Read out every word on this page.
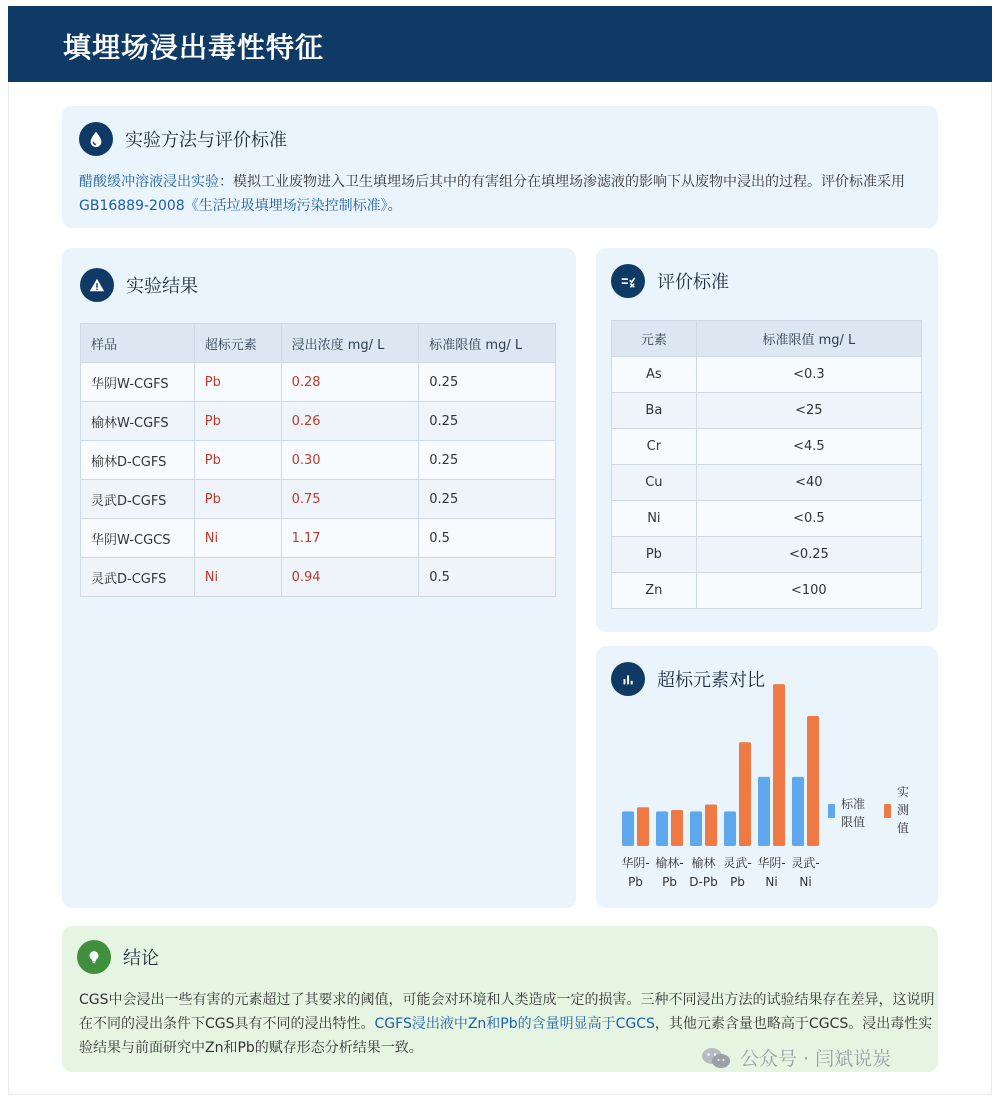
填埋场浸出毒性特征
实验方法与评价标准

醋酸缓冲溶液浸出实验：模拟工业废物进入卫生填埋场后其中的有害组分在填埋场渗滤液的影响下从废物中浸出的过程。评价标准采用GB16889-2008《生活垃圾填埋场污染控制标准》。

实验结果
样品	超标元素	浸出浓度 mg/ L	标准限值 mg/ L
华阴W-CGFS	Pb	0.28	0.25
榆林W-CGFS	Pb	0.26	0.25
榆林D-CGFS	Pb	0.30	0.25
灵武D-CGFS	Pb	0.75	0.25
华阴W-CGCS	Ni	1.17	0.5
灵武D-CGFS	Ni	0.94	0.5
评价标准
元素	标准限值 mg/ L
As	<0.3
Ba	<25
Cr	<4.5
Cu	<40
Ni	<0.5
Pb	<0.25
Zn	<100
超标元素对比
华阴-
Pb
榆林-
Pb
榆林
D-Pb
灵武-
Pb
华阴-
Ni
灵武-
Ni
标准
限值
实
测
值
结论

CGS中会浸出一些有害的元素超过了其要求的阈值，可能会对环境和人类造成一定的损害。三种不同浸出方法的试验结果存在差异，这说明在不同的浸出条件下CGS具有不同的浸出特性。CGFS浸出液中Zn和Pb的含量明显高于CGCS，其他元素含量也略高于CGCS。浸出毒性实验结果与前面研究中Zn和Pb的赋存形态分析结果一致。	公众号 · 闫斌说炭
